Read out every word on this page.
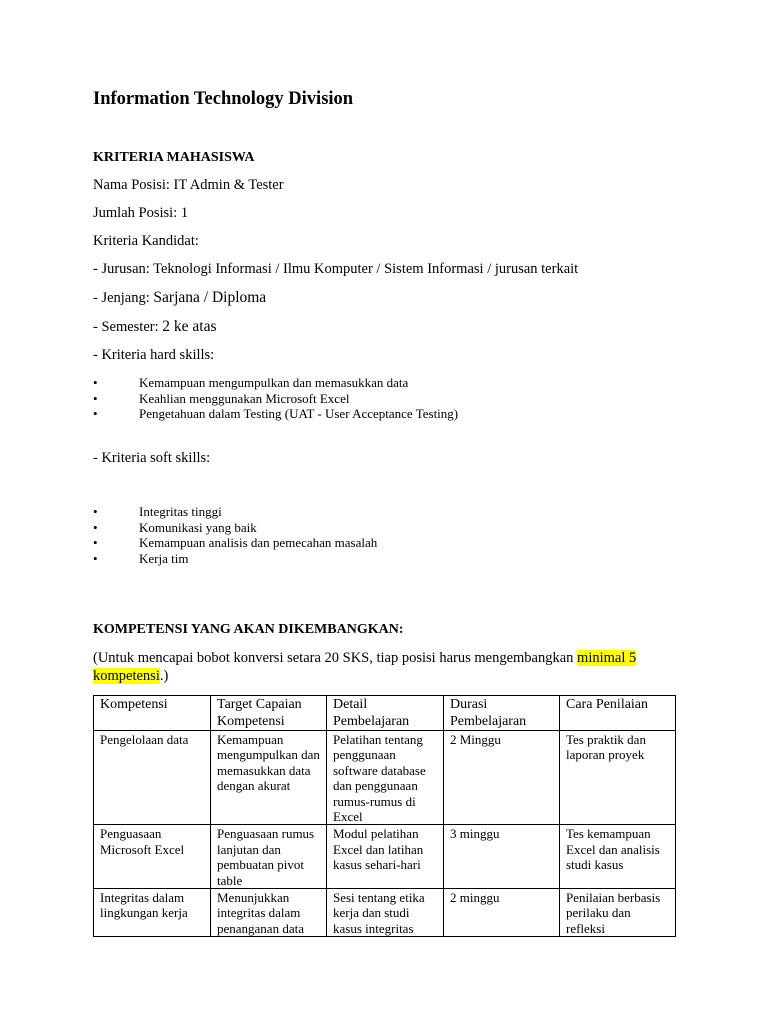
Information Technology Division
KRITERIA MAHASISWA
Nama Posisi: IT Admin & Tester
Jumlah Posisi: 1
Kriteria Kandidat:
- Jurusan: Teknologi Informasi / Ilmu Komputer / Sistem Informasi / jurusan terkait
- Jenjang: Sarjana / Diploma
- Semester: 2 ke atas
- Kriteria hard skills:
•	Kemampuan mengumpulkan dan memasukkan data
•	Keahlian menggunakan Microsoft Excel
•	Pengetahuan dalam Testing (UAT - User Acceptance Testing)
- Kriteria soft skills:
•	Integritas tinggi
•	Komunikasi yang baik
•	Kemampuan analisis dan pemecahan masalah
•	Kerja tim
KOMPETENSI YANG AKAN DIKEMBANGKAN:
(Untuk mencapai bobot konversi setara 20 SKS, tiap posisi harus mengembangkan minimal 5
kompetensi.)
Kompetensi	Target Capaian Kompetensi	Detail Pembelajaran	Durasi Pembelajaran	Cara Penilaian
Pengelolaan data	Kemampuan mengumpulkan dan memasukkan data dengan akurat	Pelatihan tentang penggunaan software database dan penggunaan rumus-rumus di Excel	2 Minggu	Tes praktik dan laporan proyek
Penguasaan Microsoft Excel	Penguasaan rumus lanjutan dan pembuatan pivot table	Modul pelatihan Excel dan latihan kasus sehari-hari	3 minggu	Tes kemampuan Excel dan analisis studi kasus
Integritas dalam lingkungan kerja	Menunjukkan integritas dalam penanganan data	Sesi tentang etika kerja dan studi kasus integritas	2 minggu	Penilaian berbasis perilaku dan refleksi
